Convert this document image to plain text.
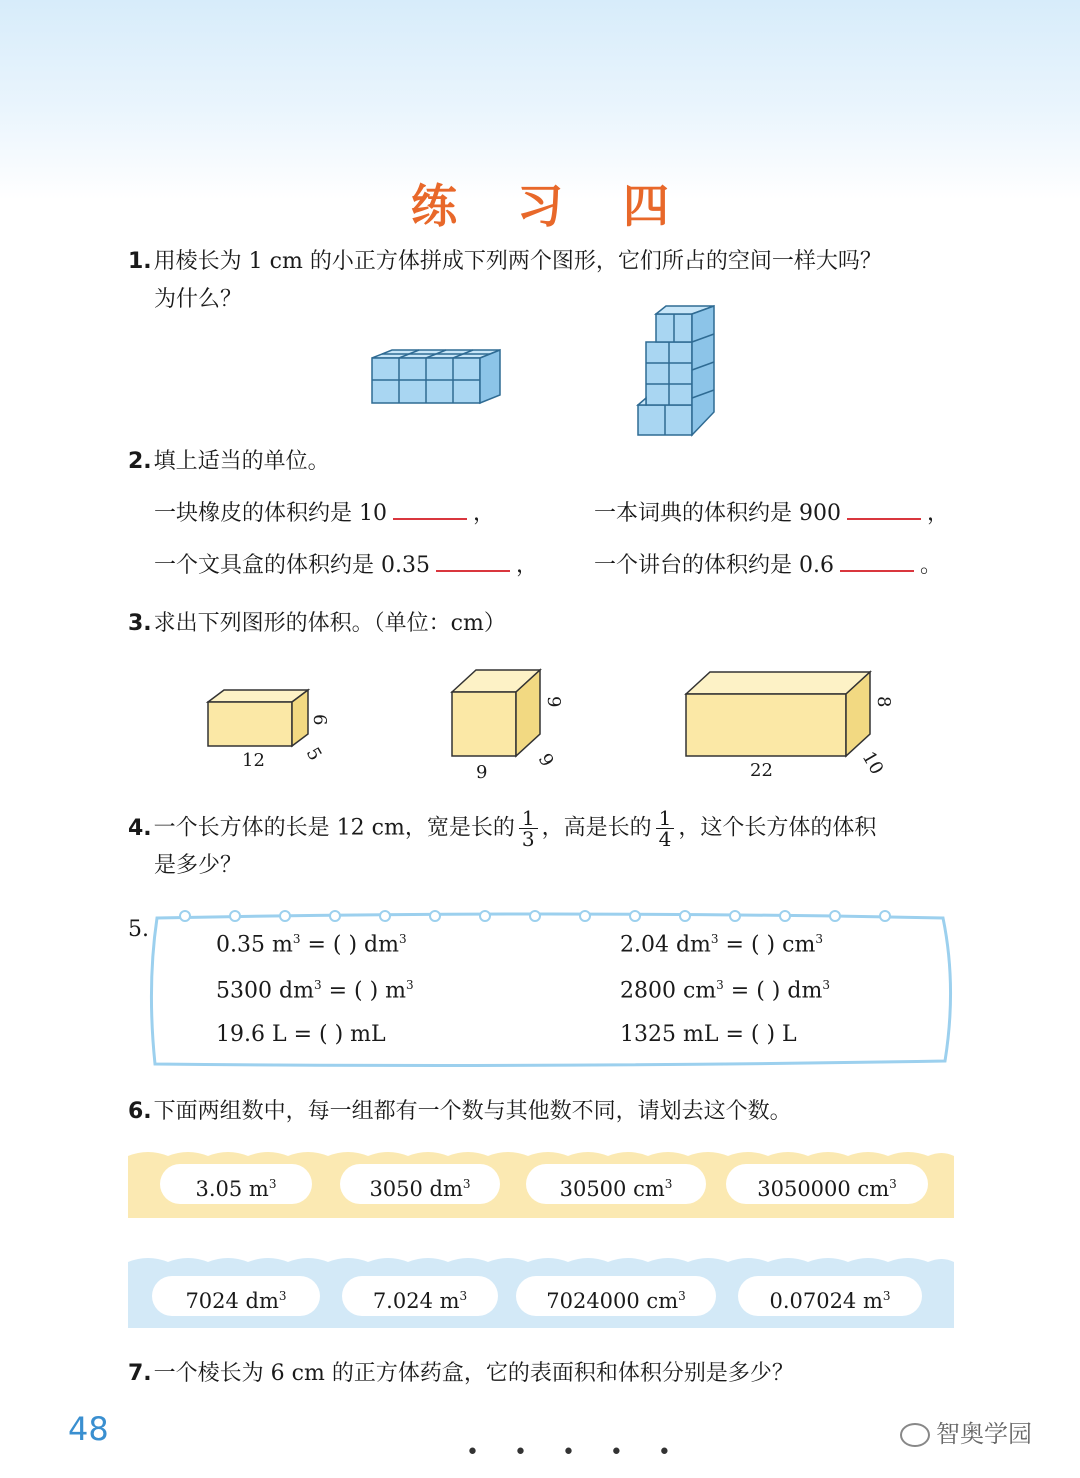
练 习 四
1.用棱长为 1 cm 的小正方体拼成下列两个图形，它们所占的空间一样大吗？
为什么？
2.填上适当的单位。
一块橡皮的体积约是 10	，	一本词典的体积约是 900	，
一个文具盒的体积约是 0.35	，	一个讲台的体积约是 0.6	。
3.求出下列图形的体积。（单位：cm）
12 5
6
9
9
9
22	10
8
4.一个长方体的长是 12 cm，宽是长的 $\frac{1}{3}$ ，高是长的 $\frac{1}{4}$ ，这个长方体的体积
是多少？
5.
0.35 $m^3$ = ( ) $dm^3$	2.04 $dm^3$ = ( ) $cm^3$
5300 $dm^3$ = ( ) $m^3$	2800 $cm^3$ = ( ) $dm^3$
19.6 L = ( ) mL	1325 mL = ( ) L
6.下面两组数中，每一组都有一个数与其他数不同，请划去这个数。
3.05 $m^3$	3050 $dm^3$	30500 $cm^3$	3050000 $cm^3$
7024 $dm^3$	7.024 $m^3$	7024000 $cm^3$	0.07024 $m^3$
7.一个棱长为 6 cm 的正方体药盒，它的表面积和体积分别是多少？
48	智奥学园
• • • • •
